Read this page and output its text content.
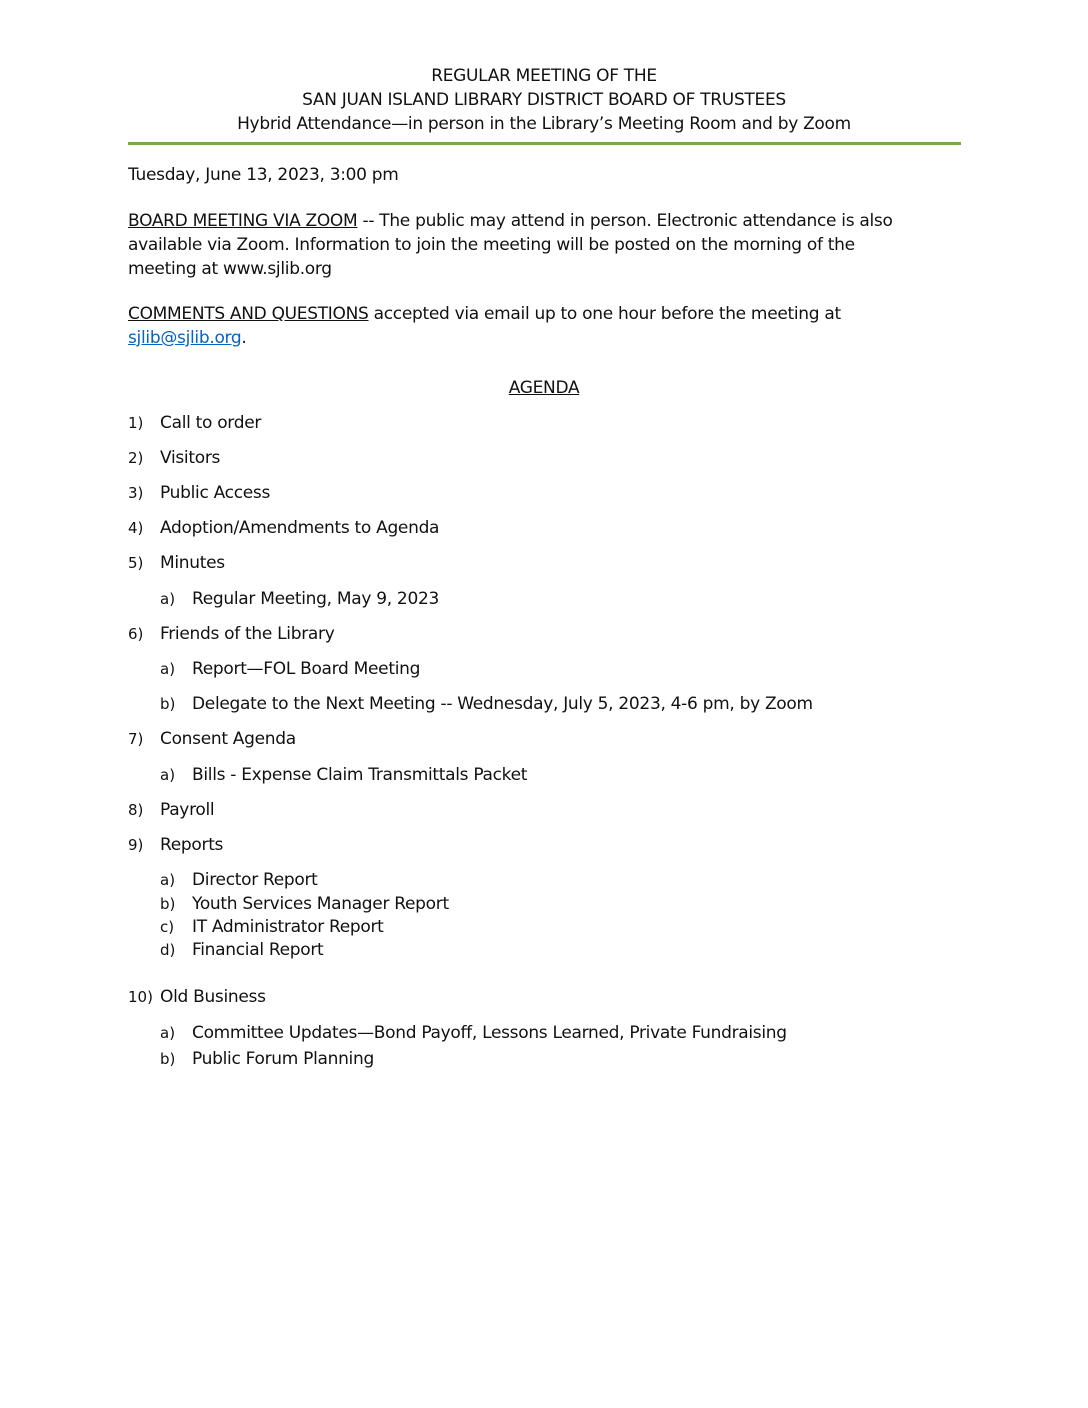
REGULAR MEETING OF THE
SAN JUAN ISLAND LIBRARY DISTRICT BOARD OF TRUSTEES
Hybrid Attendance—in person in the Library’s Meeting Room and by Zoom
Tuesday, June 13, 2023, 3:00 pm
BOARD MEETING VIA ZOOM -- The public may attend in person. Electronic attendance is also
available via Zoom. Information to join the meeting will be posted on the morning of the
meeting at www.sjlib.org
COMMENTS AND QUESTIONS accepted via email up to one hour before the meeting at
sjlib@sjlib.org.
AGENDA
1) Call to order
2) Visitors
3) Public Access
4) Adoption/Amendments to Agenda
5) Minutes
a) Regular Meeting, May 9, 2023
6) Friends of the Library
a) Report—FOL Board Meeting
b) Delegate to the Next Meeting -- Wednesday, July 5, 2023, 4-6 pm, by Zoom
7) Consent Agenda
a) Bills - Expense Claim Transmittals Packet
8) Payroll
9) Reports
a) Director Report
b) Youth Services Manager Report
c) IT Administrator Report
d) Financial Report
10) Old Business
a) Committee Updates—Bond Payoff, Lessons Learned, Private Fundraising
b) Public Forum Planning
